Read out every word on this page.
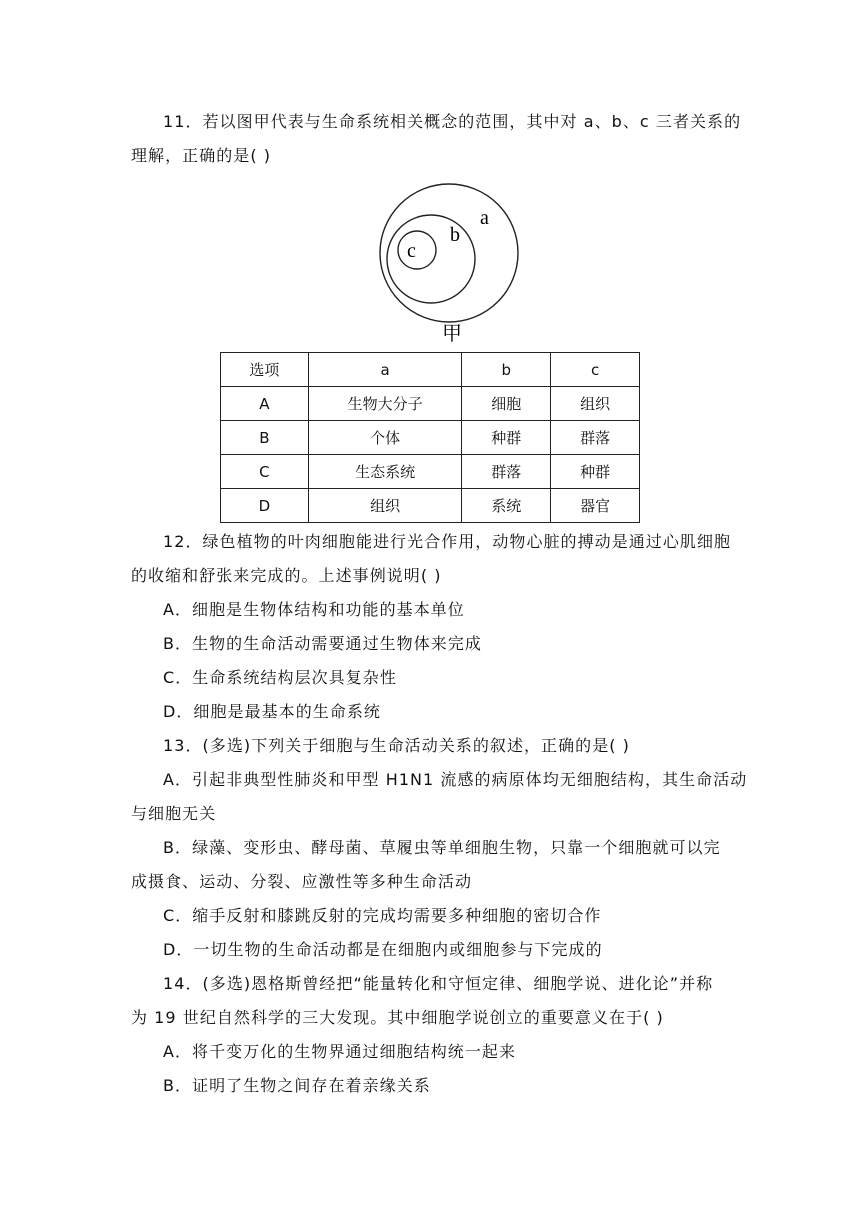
11．若以图甲代表与生命系统相关概念的范围，其中对 a、b、c 三者关系的
理解，正确的是( )
a
b
c
甲
选项	a	b	c
A	生物大分子	细胞	组织
B	个体	种群	群落
C	生态系统	群落	种群
D	组织	系统	器官
12．绿色植物的叶肉细胞能进行光合作用，动物心脏的搏动是通过心肌细胞
的收缩和舒张来完成的。上述事例说明( )
A．细胞是生物体结构和功能的基本单位
B．生物的生命活动需要通过生物体来完成
C．生命系统结构层次具复杂性
D．细胞是最基本的生命系统
13．(多选)下列关于细胞与生命活动关系的叙述，正确的是( )
A．引起非典型性肺炎和甲型 H1N1 流感的病原体均无细胞结构，其生命活动
与细胞无关
B．绿藻、变形虫、酵母菌、草履虫等单细胞生物，只靠一个细胞就可以完
成摄食、运动、分裂、应激性等多种生命活动
C．缩手反射和膝跳反射的完成均需要多种细胞的密切合作
D．一切生物的生命活动都是在细胞内或细胞参与下完成的
14．(多选)恩格斯曾经把“能量转化和守恒定律、细胞学说、进化论”并称
为 19 世纪自然科学的三大发现。其中细胞学说创立的重要意义在于( )
A．将千变万化的生物界通过细胞结构统一起来
B．证明了生物之间存在着亲缘关系
